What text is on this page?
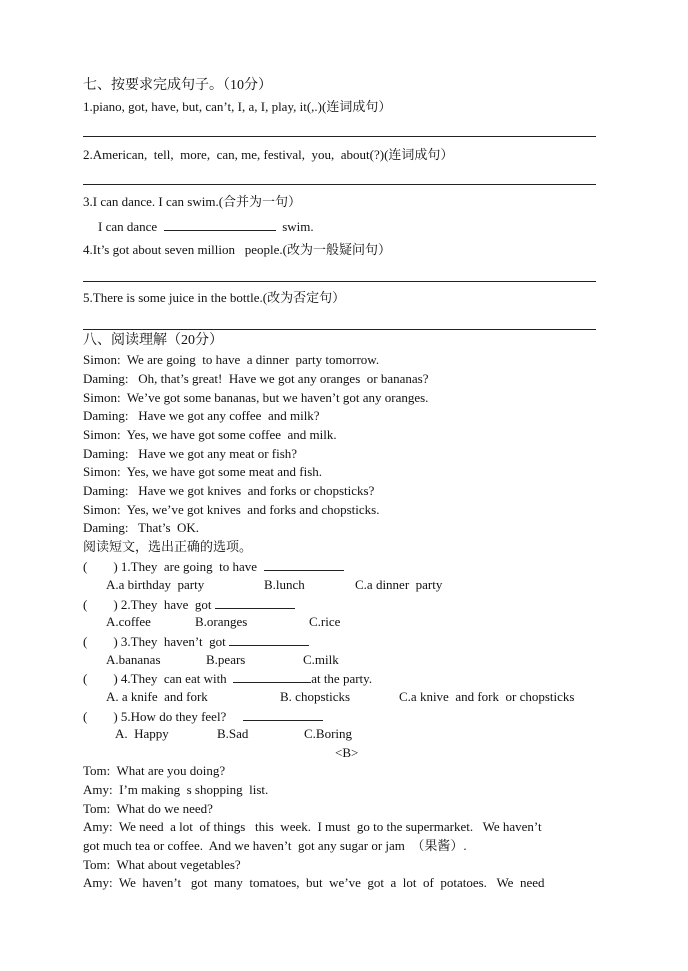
七、按要求完成句子。（10分）
1.piano, got, have, but, can’t, I, a, I, play, it(,.)(连词成句）
2.American,  tell,  more,  can, me, festival,  you,  about(?)(连词成句）
3.I can dance. I can swim.(合并为一句）
I can dance	swim.
4.It’s got about seven million   people.(改为一般疑问句）
5.There is some juice in the bottle.(改为否定句）
八、阅读理解（20分）
Simon:  We are going  to have  a dinner  party tomorrow.
Daming:   Oh, that’s great!  Have we got any oranges  or bananas?
Simon:  We’ve got some bananas, but we haven’t got any oranges.
Daming:   Have we got any coffee  and milk?
Simon:  Yes, we have got some coffee  and milk.
Daming:   Have we got any meat or fish?
Simon:  Yes, we have got some meat and fish.
Daming:   Have we got knives  and forks or chopsticks?
Simon:  Yes, we’ve got knives  and forks and chopsticks.
Daming:   That’s  OK.
阅读短文，选出正确的选项。
(        ) 1.They  are going  to have
A.a birthday  party	B.lunch	C.a dinner  party
(        ) 2.They  have  got
A.coffee	B.oranges	C.rice
(        ) 3.They  haven’t  got
A.bananas	B.pears	C.milk
(        ) 4.They  can eat with	at the party.
A. a knife  and fork	B. chopsticks	C.a knive  and fork  or chopsticks
(        ) 5.How do they feel?
A.  Happy	B.Sad	C.Boring
<B>
Tom:  What are you doing?
Amy:  I’m making  s shopping  list.
Tom:  What do we need?
Amy:  We need  a lot  of things   this  week.  I must  go to the supermarket.   We haven’t
got much tea or coffee.  And we haven’t  got any sugar or jam  （果酱）.
Tom:  What about vegetables?
Amy:  We  haven’t   got  many  tomatoes,  but  we’ve  got  a  lot  of  potatoes.   We  need
